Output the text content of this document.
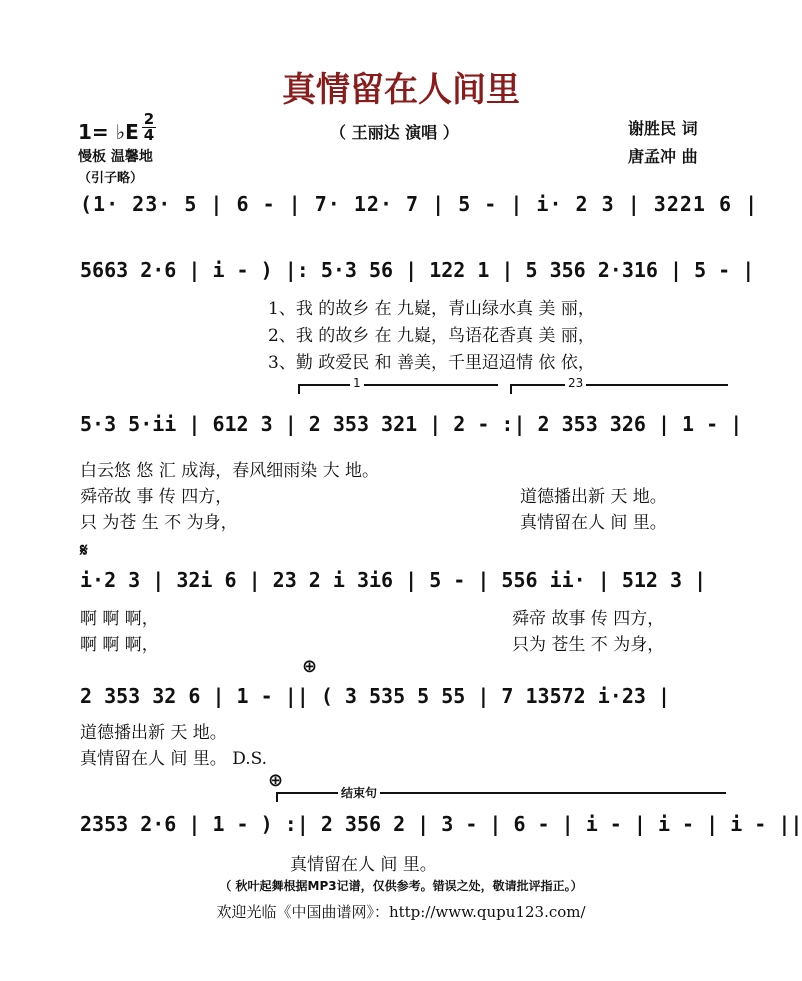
真情留在人间里
1= ♭E $\frac{2}{4}$	（ 王丽达 演唱 ）	谢胜民 词
唐孟冲 曲
慢板 温馨地
（引子略）
(1· 23· 5 | 6 - | 7· 12· 7 | 5 - | i· 2 3 | 3221 6 |
5663 2·6 | i - ) |: 5·3 56 | 122 1 | 5 356 2·316 | 5 - |
1、我 的故乡 在 九嶷，青山绿水真 美 丽，
2、我 的故乡 在 九嶷，鸟语花香真 美 丽，
3、勤 政爱民 和 善美，千里迢迢情 依 依，
1	23
5·3 5·ii | 612 3 | 2 353 321 | 2 - :| 2 353 326 | 1 - |
白云悠 悠 汇 成海，春风细雨染 大 地。
舜帝故 事 传 四方，
只 为苍 生 不 为身，
道德播出新 天 地。
真情留在人 间 里。
𝄋
i·2 3 | 32i 6 | 23 2 i 3i6 | 5 - | 556 ii· | 512 3 |
啊 啊 啊，
啊 啊 啊，
舜帝 故事 传 四方，
只为 苍生 不 为身，
⊕
2 353 32 6 | 1 - || ( 3 535 5 55 | 7 13572 i·23 |
道德播出新 天 地。
真情留在人 间 里。 D.S.
⊕
结束句
2353 2·6 | 1 - ) :| 2 356 2 | 3 - | 6 - | i - | i - | i - ||
真情留在人 间 里。
（ 秋叶起舞根据MP3记谱，仅供参考。错误之处，敬请批评指正。）
欢迎光临《中国曲谱网》：http://www.qupu123.com/
